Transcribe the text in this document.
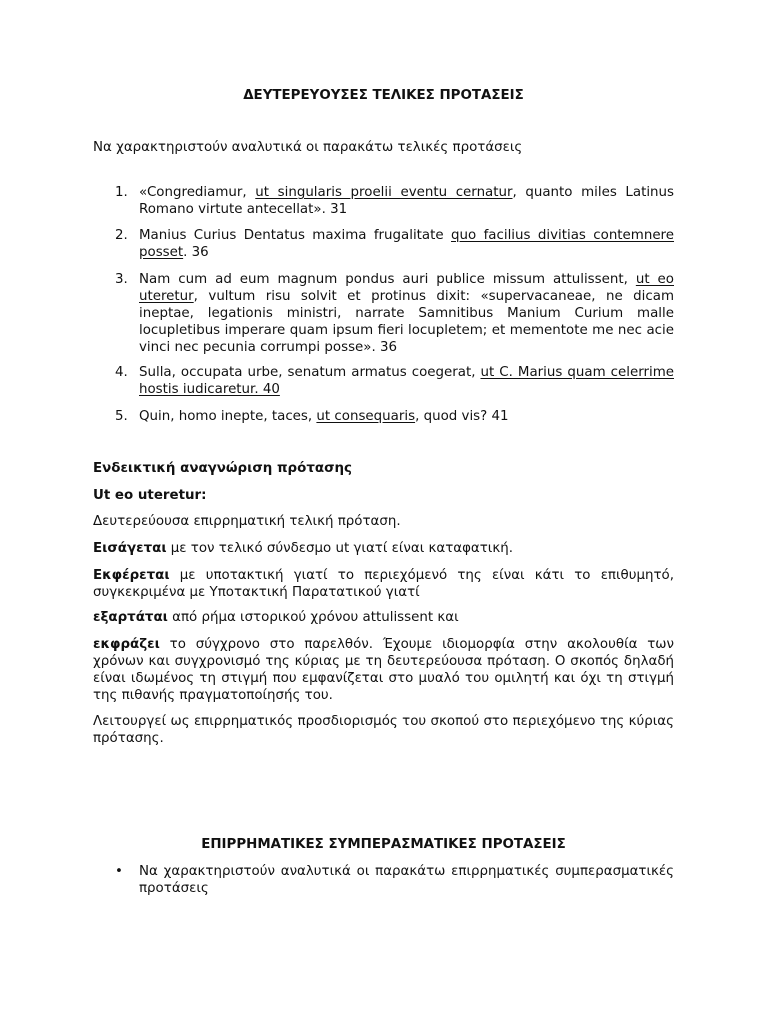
ΔΕΥΤΕΡΕΥΟΥΣΕΣ ΤΕΛΙΚΕΣ ΠΡΟΤΑΣΕΙΣ
Να χαρακτηριστούν αναλυτικά οι παρακάτω τελικές προτάσεις
1. «Congrediamur, ut singularis proelii eventu cernatur, quanto miles Latinus Romano virtute antecellat». 31
2. Manius Curius Dentatus maxima frugalitate quo facilius divitias contemnere posset. 36
3. Nam cum ad eum magnum pondus auri publice missum attulissent, ut eo uteretur, vultum risu solvit et protinus dixit: «supervacaneae, ne dicam ineptae, legationis ministri, narrate Samnitibus Manium Curium malle locupletibus imperare quam ipsum fieri locupletem; et mementote me nec acie vinci nec pecunia corrumpi posse». 36
4. Sulla, occupata urbe, senatum armatus coegerat, ut C. Marius quam celerrime hostis iudicaretur. 40
5. Quin, homo inepte, taces, ut consequaris, quod vis? 41
Ενδεικτική αναγνώριση πρότασης
Ut eo uteretur:
Δευτερεύουσα επιρρηματική τελική πρόταση.
Εισάγεται με τον τελικό σύνδεσμο ut γιατί είναι καταφατική.
Εκφέρεται με υποτακτική γιατί το περιεχόμενό της είναι κάτι το επιθυμητό, συγκεκριμένα με Υποτακτική Παρατατικού γιατί
εξαρτάται από ρήμα ιστορικού χρόνου attulissent και
εκφράζει το σύγχρονο στο παρελθόν. Έχουμε ιδιομορφία στην ακολουθία των χρόνων και συγχρονισμό της κύριας με τη δευτερεύουσα πρόταση. Ο σκοπός δηλαδή είναι ιδωμένος τη στιγμή που εμφανίζεται στο μυαλό του ομιλητή και όχι τη στιγμή της πιθανής πραγματοποίησής του.
Λειτουργεί ως επιρρηματικός προσδιορισμός του σκοπού στο περιεχόμενο της κύριας πρότασης.
ΕΠΙΡΡΗΜΑΤΙΚΕΣ ΣΥΜΠΕΡΑΣΜΑΤΙΚΕΣ ΠΡΟΤΑΣΕΙΣ
• Να χαρακτηριστούν αναλυτικά οι παρακάτω επιρρηματικές συμπερασματικές προτάσεις
